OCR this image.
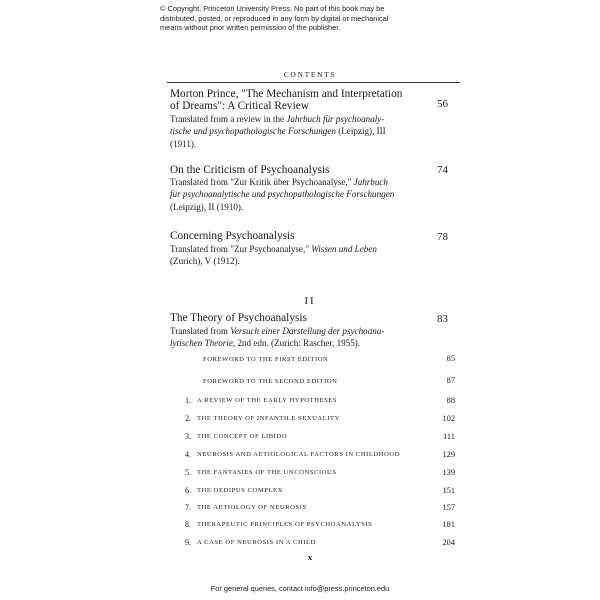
© Copyright, Princeton University Press. No part of this book may be
distributed, posted, or reproduced in any form by digital or mechanical
means without prior written permission of the publisher.
CONTENTS
Morton Prince, "The Mechanism and Interpretation
of Dreams": A Critical Review	56
Translated from a review in the Jahrbuch für psychoanaly-
tische und psychopathologische Forschungen (Leipzig), III
(1911).
On the Criticism of Psychoanalysis	74
Translated from "Zur Kritik über Psychoanalyse," Jahrbuch
für psychoanalytische und psychopathologische Forschungen
(Leipzig), II (1910).
Concerning Psychoanalysis	78
Translated from "Zur Psychoanalyse," Wissen und Leben
(Zurich), V (1912).
II
The Theory of Psychoanalysis	83
Translated from Versuch einer Darstellung der psychoana-
lytischen Theorie, 2nd edn. (Zurich: Rascher, 1955).
FOREWORD TO THE FIRST EDITION	85
FOREWORD TO THE SECOND EDITION	87
1. A REVIEW OF THE EARLY HYPOTHESES	88
2. THE THEORY OF INFANTILE SEXUALITY	102
3. THE CONCEPT OF LIBIDO	111
4. NEUROSIS AND AETIOLOGICAL FACTORS IN CHILDHOOD	129
5. THE FANTASIES OF THE UNCONSCIOUS	139
6. THE OEDIPUS COMPLEX	151
7. THE AETIOLOGY OF NEUROSIS	157
8. THERAPEUTIC PRINCIPLES OF PSYCHOANALYSIS	181
9. A CASE OF NEUROSIS IN A CHILD	204
x
For general queries, contact info@press.princeton.edu
